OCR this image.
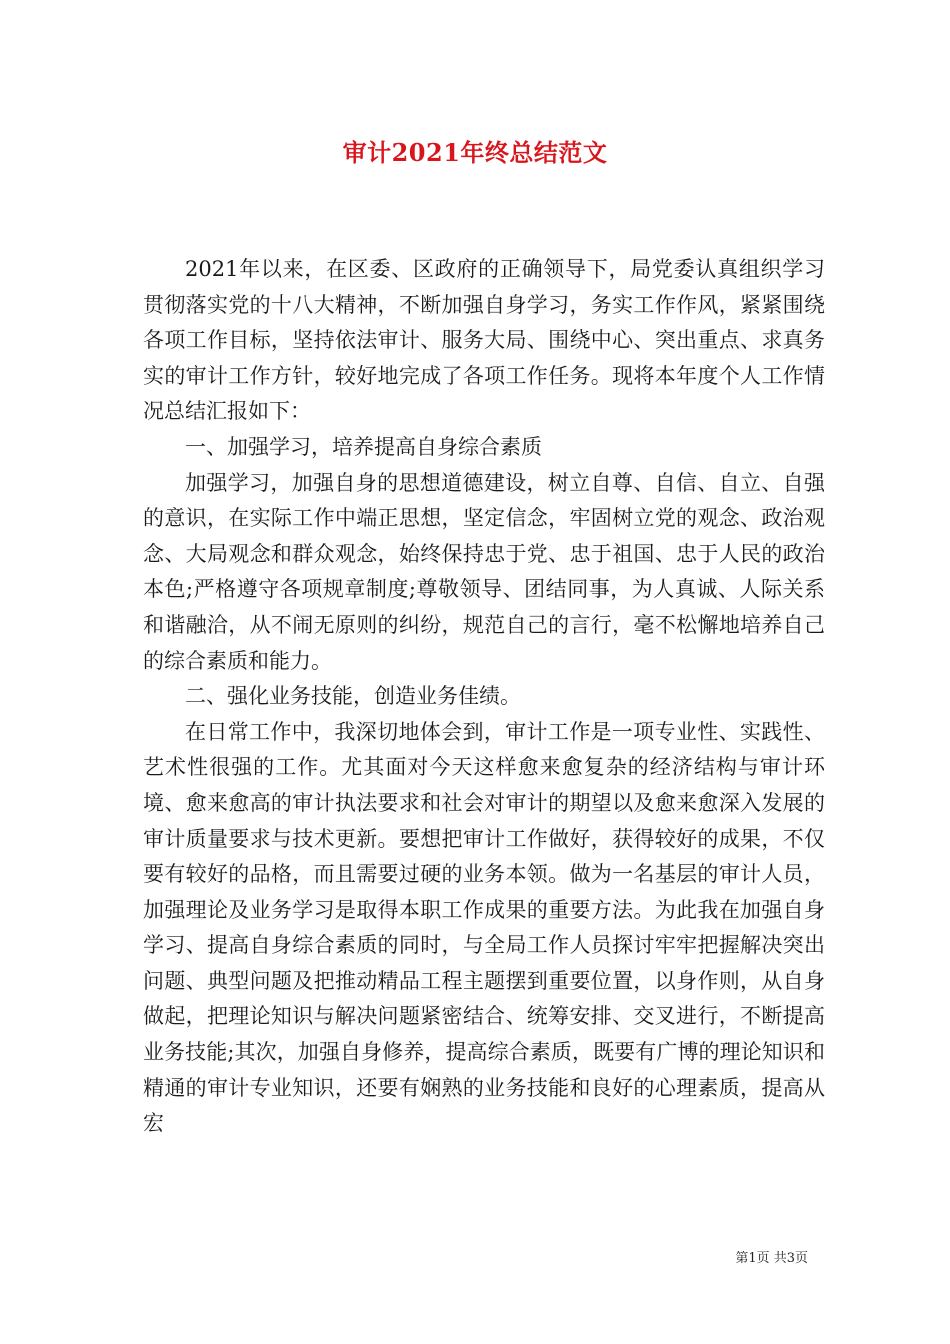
审计2021年终总结范文

2021年以来，在区委、区政府的正确领导下，局党委认真组织学习贯彻落实党的十八大精神，不断加强自身学习，务实工作作风，紧紧围绕各项工作目标，坚持依法审计、服务大局、围绕中心、突出重点、求真务实的审计工作方针，较好地完成了各项工作任务。现将本年度个人工作情况总结汇报如下：

一、加强学习，培养提高自身综合素质

加强学习，加强自身的思想道德建设，树立自尊、自信、自立、自强的意识，在实际工作中端正思想，坚定信念，牢固树立党的观念、政治观念、大局观念和群众观念，始终保持忠于党、忠于祖国、忠于人民的政治本色;严格遵守各项规章制度;尊敬领导、团结同事，为人真诚、人际关系和谐融洽，从不闹无原则的纠纷，规范自己的言行，毫不松懈地培养自己的综合素质和能力。

二、强化业务技能，创造业务佳绩。

在日常工作中，我深切地体会到，审计工作是一项专业性、实践性、艺术性很强的工作。尤其面对今天这样愈来愈复杂的经济结构与审计环境、愈来愈高的审计执法要求和社会对审计的期望以及愈来愈深入发展的审计质量要求与技术更新。要想把审计工作做好，获得较好的成果，不仅要有较好的品格，而且需要过硬的业务本领。做为一名基层的审计人员，加强理论及业务学习是取得本职工作成果的重要方法。为此我在加强自身学习、提高自身综合素质的同时，与全局工作人员探讨牢牢把握解决突出问题、典型问题及把推动精品工程主题摆到重要位置，以身作则，从自身做起，把理论知识与解决问题紧密结合、统筹安排、交叉进行，不断提高业务技能;其次，加强自身修养，提高综合素质，既要有广博的理论知识和精通的审计专业知识，还要有娴熟的业务技能和良好的心理素质，提高从宏

第1页 共3页
